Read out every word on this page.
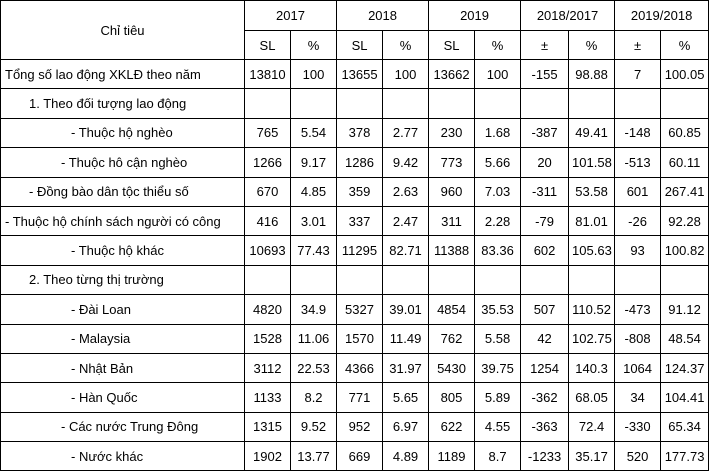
Chỉ tiêu	2017		2018		2019		2018/2017		2019/2018	
	SL	%	SL	%	SL	%	±	%	±	%
Tổng số lao động XKLĐ theo năm	13810	100	13655	100	13662	100	-155	98.88	7	100.05
1. Theo đối tượng lao động										
- Thuộc hộ nghèo	765	5.54	378	2.77	230	1.68	-387	49.41	-148	60.85
- Thuộc hô cận nghèo	1266	9.17	1286	9.42	773	5.66	20	101.58	-513	60.11
- Đồng bào dân tộc thiểu số	670	4.85	359	2.63	960	7.03	-311	53.58	601	267.41
- Thuộc hộ chính sách người có công	416	3.01	337	2.47	311	2.28	-79	81.01	-26	92.28
- Thuộc hộ khác	10693	77.43	11295	82.71	11388	83.36	602	105.63	93	100.82
2. Theo từng thị trường										
- Đài Loan	4820	34.9	5327	39.01	4854	35.53	507	110.52	-473	91.12
- Malaysia	1528	11.06	1570	11.49	762	5.58	42	102.75	-808	48.54
- Nhật Bản	3112	22.53	4366	31.97	5430	39.75	1254	140.3	1064	124.37
- Hàn Quốc	1133	8.2	771	5.65	805	5.89	-362	68.05	34	104.41
- Các nước Trung Đông	1315	9.52	952	6.97	622	4.55	-363	72.4	-330	65.34
- Nước khác	1902	13.77	669	4.89	1189	8.7	-1233	35.17	520	177.73
